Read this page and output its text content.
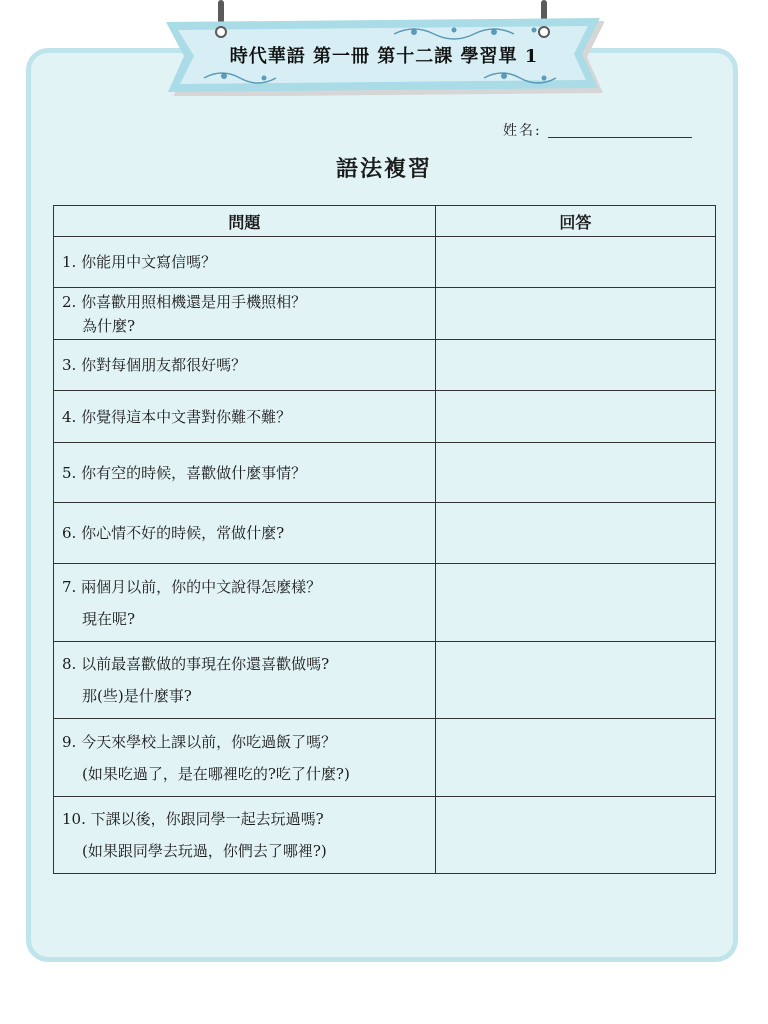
時代華語 第一冊 第十二課 學習單 1
姓名:
語法複習
問題	回答
1. 你能用中文寫信嗎？	
2. 你喜歡用照相機還是用手機照相？
為什麼?	

3. 你對每個朋友都很好嗎？	
4. 你覺得這本中文書對你難不難？	
5. 你有空的時候，喜歡做什麼事情？	
6. 你心情不好的時候，常做什麼?	
7. 兩個月以前，你的中文說得怎麼樣？
現在呢?	

8. 以前最喜歡做的事現在你還喜歡做嗎?
那(些)是什麼事?	

9. 今天來學校上課以前，你吃過飯了嗎？
(如果吃過了，是在哪裡吃的?吃了什麼?)	

10. 下課以後，你跟同學一起去玩過嗎?
(如果跟同學去玩過，你們去了哪裡?)	
